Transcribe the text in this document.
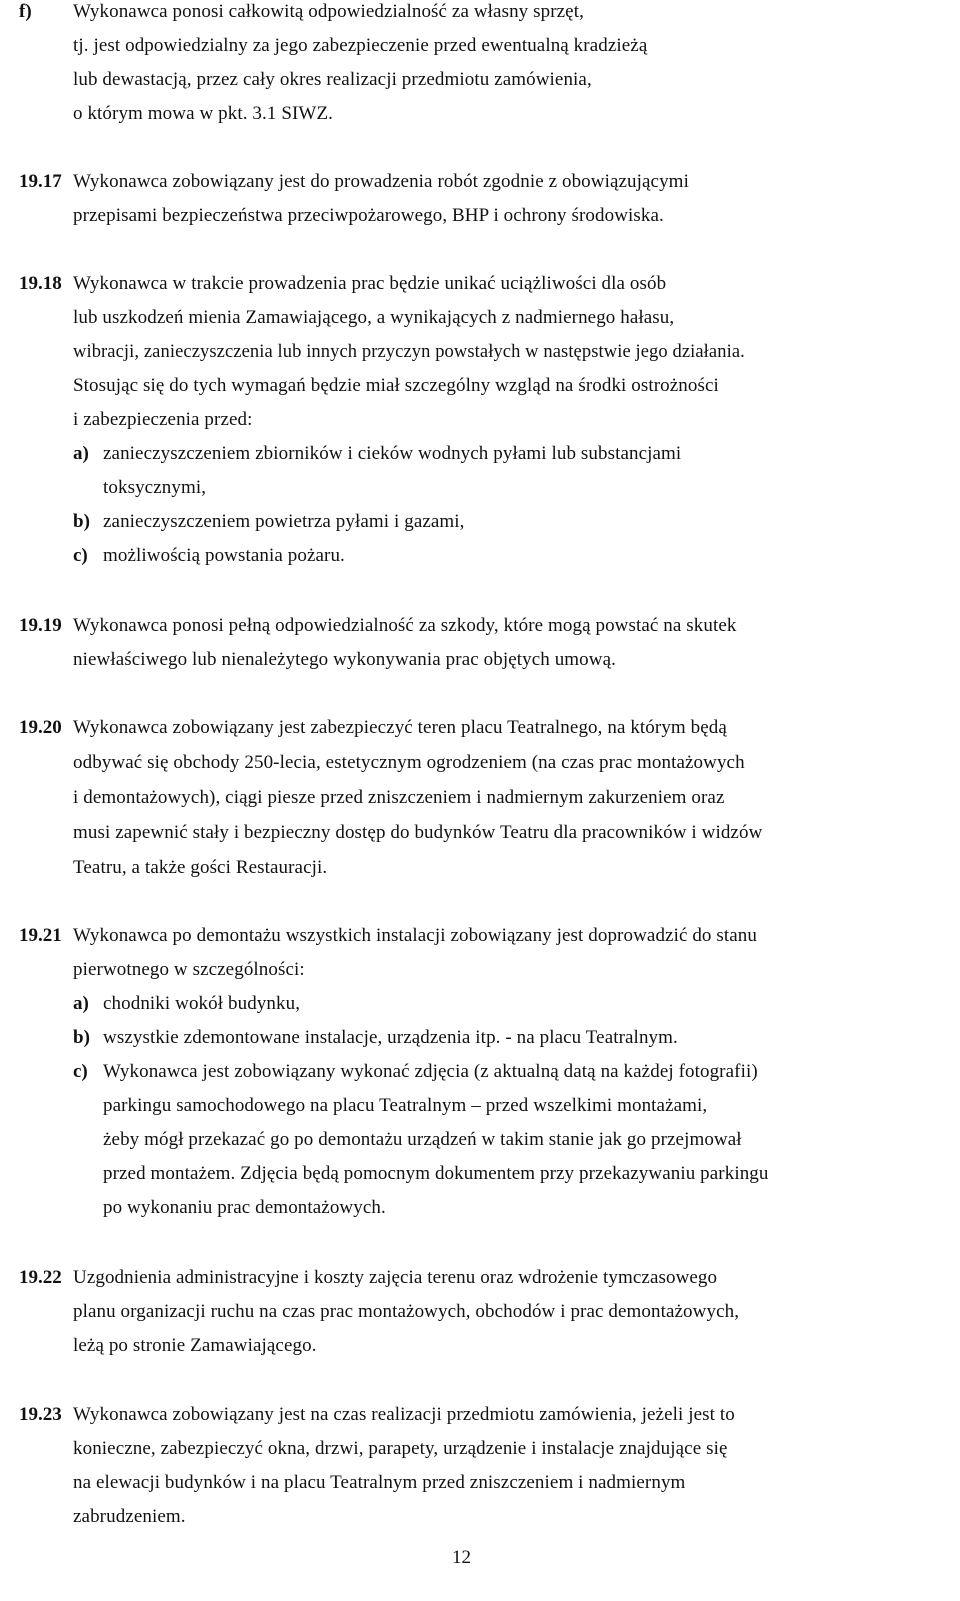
f) Wykonawca ponosi całkowitą odpowiedzialność za własny sprzęt,
tj. jest odpowiedzialny za jego zabezpieczenie przed ewentualną kradzieżą
lub dewastacją, przez cały okres realizacji przedmiotu zamówienia,
o którym mowa w pkt. 3.1 SIWZ.
19.17 Wykonawca zobowiązany jest do prowadzenia robót zgodnie z obowiązującymi
przepisami bezpieczeństwa przeciwpożarowego, BHP i ochrony środowiska.
19.18 Wykonawca w trakcie prowadzenia prac będzie unikać uciążliwości dla osób
lub uszkodzeń mienia Zamawiającego, a wynikających z nadmiernego hałasu,
wibracji, zanieczyszczenia lub innych przyczyn powstałych w następstwie jego działania.
Stosując się do tych wymagań będzie miał szczególny wzgląd na środki ostrożności
i zabezpieczenia przed:
a) zanieczyszczeniem zbiorników i cieków wodnych pyłami lub substancjami
toksycznymi,
b) zanieczyszczeniem powietrza pyłami i gazami,
c) możliwością powstania pożaru.
19.19 Wykonawca ponosi pełną odpowiedzialność za szkody, które mogą powstać na skutek
niewłaściwego lub nienależytego wykonywania prac objętych umową.
19.20 Wykonawca zobowiązany jest zabezpieczyć teren placu Teatralnego, na którym będą
odbywać się obchody 250-lecia, estetycznym ogrodzeniem (na czas prac montażowych
i demontażowych), ciągi piesze przed zniszczeniem i nadmiernym zakurzeniem oraz
musi zapewnić stały i bezpieczny dostęp do budynków Teatru dla pracowników i widzów
Teatru, a także gości Restauracji.
19.21 Wykonawca po demontażu wszystkich instalacji zobowiązany jest doprowadzić do stanu
pierwotnego w szczególności:
a) chodniki wokół budynku,
b) wszystkie zdemontowane instalacje, urządzenia itp. - na placu Teatralnym.
c) Wykonawca jest zobowiązany wykonać zdjęcia (z aktualną datą na każdej fotografii)
parkingu samochodowego na placu Teatralnym – przed wszelkimi montażami,
żeby mógł przekazać go po demontażu urządzeń w takim stanie jak go przejmował
przed montażem. Zdjęcia będą pomocnym dokumentem przy przekazywaniu parkingu
po wykonaniu prac demontażowych.
19.22 Uzgodnienia administracyjne i koszty zajęcia terenu oraz wdrożenie tymczasowego
planu organizacji ruchu na czas prac montażowych, obchodów i prac demontażowych,
leżą po stronie Zamawiającego.
19.23 Wykonawca zobowiązany jest na czas realizacji przedmiotu zamówienia, jeżeli jest to
konieczne, zabezpieczyć okna, drzwi, parapety, urządzenie i instalacje znajdujące się
na elewacji budynków i na placu Teatralnym przed zniszczeniem i nadmiernym
zabrudzeniem.
12
